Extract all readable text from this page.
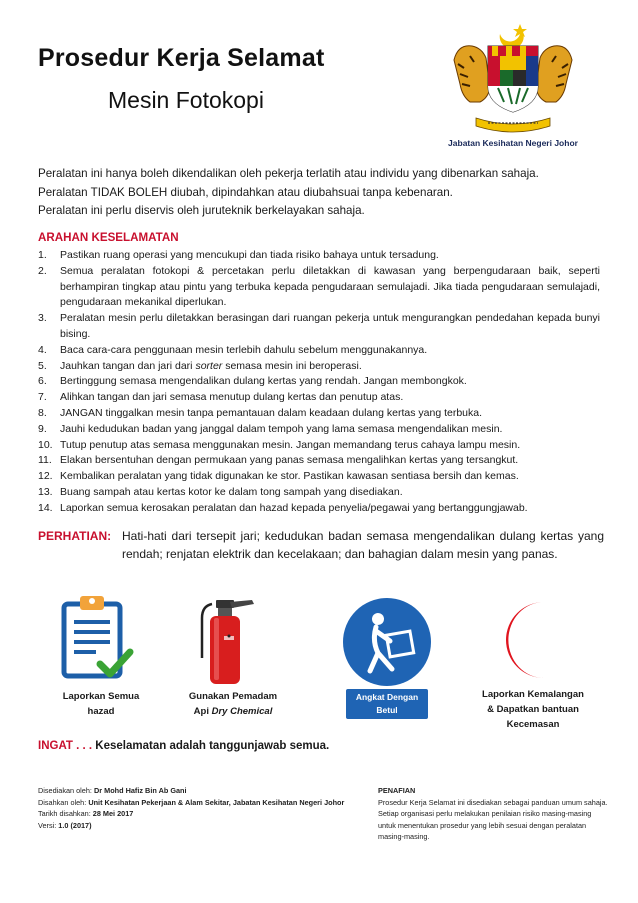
Prosedur Kerja Selamat
Mesin Fotokopi
Jabatan Kesihatan Negeri Johor
Peralatan ini hanya boleh dikendalikan oleh pekerja terlatih atau individu yang dibenarkan sahaja.
Peralatan TIDAK BOLEH diubah, dipindahkan atau diubahsuai tanpa kebenaran.
Peralatan ini perlu diservis oleh juruteknik berkelayakan sahaja.
ARAHAN KESELAMATAN
1.	Pastikan ruang operasi yang mencukupi dan tiada risiko bahaya untuk tersadung.
2.	Semua peralatan fotokopi & percetakan perlu diletakkan di kawasan yang berpengudaraan baik, seperti berhampiran tingkap atau pintu yang terbuka kepada pengudaraan semulajadi. Jika tiada pengudaraan semulajadi, pengudaraan mekanikal diperlukan.
3.	Peralatan mesin perlu diletakkan berasingan dari ruangan pekerja untuk mengurangkan pendedahan kepada bunyi bising.
4.	Baca cara-cara penggunaan mesin terlebih dahulu sebelum menggunakannya.
5.	Jauhkan tangan dan jari dari sorter semasa mesin ini beroperasi.
6.	Bertinggung semasa mengendalikan dulang kertas yang rendah. Jangan membongkok.
7.	Alihkan tangan dan jari semasa menutup dulang kertas dan penutup atas.
8.	JANGAN tinggalkan mesin tanpa pemantauan dalam keadaan dulang kertas yang terbuka.
9.	Jauhi kedudukan badan yang janggal dalam tempoh yang lama semasa mengendalikan mesin.
10. Tutup penutup atas semasa menggunakan mesin. Jangan memandang terus cahaya lampu mesin.
11. Elakan bersentuhan dengan permukaan yang panas semasa mengalihkan kertas yang tersangkut.
12. Kembalikan peralatan yang tidak digunakan ke stor. Pastikan kawasan sentiasa bersih dan kemas.
13. Buang sampah atau kertas kotor ke dalam tong sampah yang disediakan.
14. Laporkan semua kerosakan peralatan dan hazad kepada penyelia/pegawai yang bertanggungjawab.
PERHATIAN: Hati-hati dari tersepit jari; kedudukan badan semasa mengendalikan dulang kertas yang rendah; renjatan elektrik dan kecelakaan; dan bahagian dalam mesin yang panas.
Laporkan Semua
hazad
Gunakan Pemadam
Api Dry Chemical
Angkat Dengan
Betul
Laporkan Kemalangan
& Dapatkan bantuan
Kecemasan
INGAT . . . Keselamatan adalah tanggunjawab semua.
Disediakan oleh: Dr Mohd Hafiz Bin Ab Gani
Disahkan oleh: Unit Kesihatan Pekerjaan & Alam Sekitar, Jabatan Kesihatan Negeri Johor
Tarikh disahkan: 28 Mei 2017
Versi: 1.0 (2017)
PENAFIAN
Prosedur Kerja Selamat ini disediakan sebagai panduan umum sahaja. Setiap organisasi perlu melakukan penilaian risiko masing-masing untuk menentukan prosedur yang lebih sesuai dengan peralatan masing-masing.
